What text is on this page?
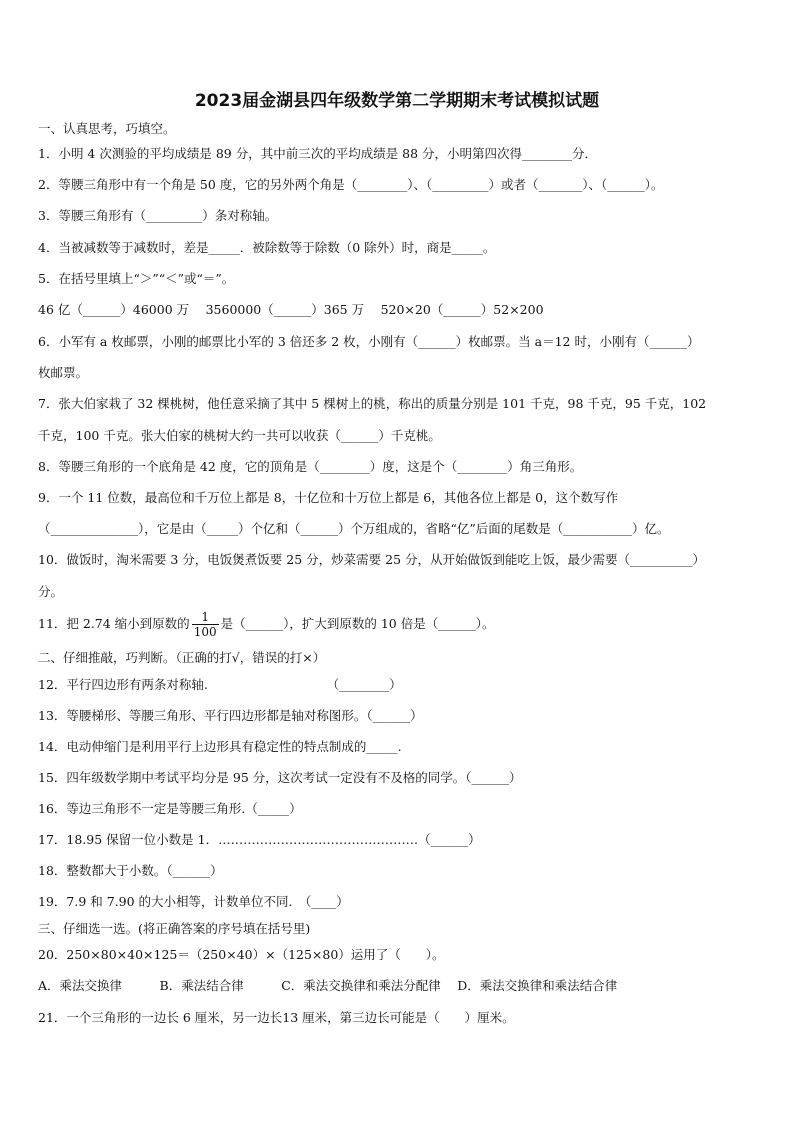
2023届金湖县四年级数学第二学期期末考试模拟试题
一、认真思考，巧填空。
1．小明 4 次测验的平均成绩是 89 分，其中前三次的平均成绩是 88 分，小明第四次得________分．
2．等腰三角形中有一个角是 50 度，它的另外两个角是（________）、（_________）或者（_______）、（______）。
3．等腰三角形有（_________）条对称轴。
4．当被减数等于减数时，差是_____．被除数等于除数（0 除外）时，商是_____。
5．在括号里填上“＞”“＜”或“＝”。
46 亿（______）46000 万　 3560000（______）365 万　 520×20（______）52×200
6．小军有 a 枚邮票，小刚的邮票比小军的 3 倍还多 2 枚，小刚有（______）枚邮票。当 a＝12 时，小刚有（______）
枚邮票。
7．张大伯家栽了 32 棵桃树，他任意采摘了其中 5 棵树上的桃，称出的质量分别是 101 千克，98 千克，95 千克，102
千克，100 千克。张大伯家的桃树大约一共可以收获（______）千克桃。
8．等腰三角形的一个底角是 42 度，它的顶角是（________）度，这是个（________）角三角形。
9．一个 11 位数，最高位和千万位上都是 8，十亿位和十万位上都是 6，其他各位上都是 0，这个数写作
（______________），它是由（_____）个亿和（______）个万组成的，省略“亿”后面的尾数是（___________）亿。
10．做饭时，淘米需要 3 分，电饭煲煮饭要 25 分，炒菜需要 25 分，从开始做饭到能吃上饭，最少需要（__________）
分。
11．把 2.74 缩小到原数的 $\frac{1}{100}$ 是（______），扩大到原数的 10 倍是（______）。
二、仔细推敲，巧判断。（正确的打√，错误的打×）
12．平行四边形有两条对称轴.　　　　　　　　　　（________）
13．等腰梯形、等腰三角形、平行四边形都是轴对称图形。（______）
14．电动伸缩门是利用平行上边形具有稳定性的特点制成的_____.
15．四年级数学期中考试平均分是 95 分，这次考试一定没有不及格的同学。（______）
16．等边三角形不一定是等腰三角形.（_____）
17．18.95 保留一位小数是 1．…………………………………………（______）
18．整数都大于小数。（______）
19．7.9 和 7.90 的大小相等，计数单位不同.　（____）
三、仔细选一选。(将正确答案的序号填在括号里)
20．250×80×40×125＝（250×40）×（125×80）运用了（　　）。
A．乘法交换律　　　B．乘法结合律　　　C．乘法交换律和乘法分配律　 D．乘法交换律和乘法结合律
21．一个三角形的一边长 6 厘米，另一边长13 厘米，第三边长可能是（　　）厘米。
